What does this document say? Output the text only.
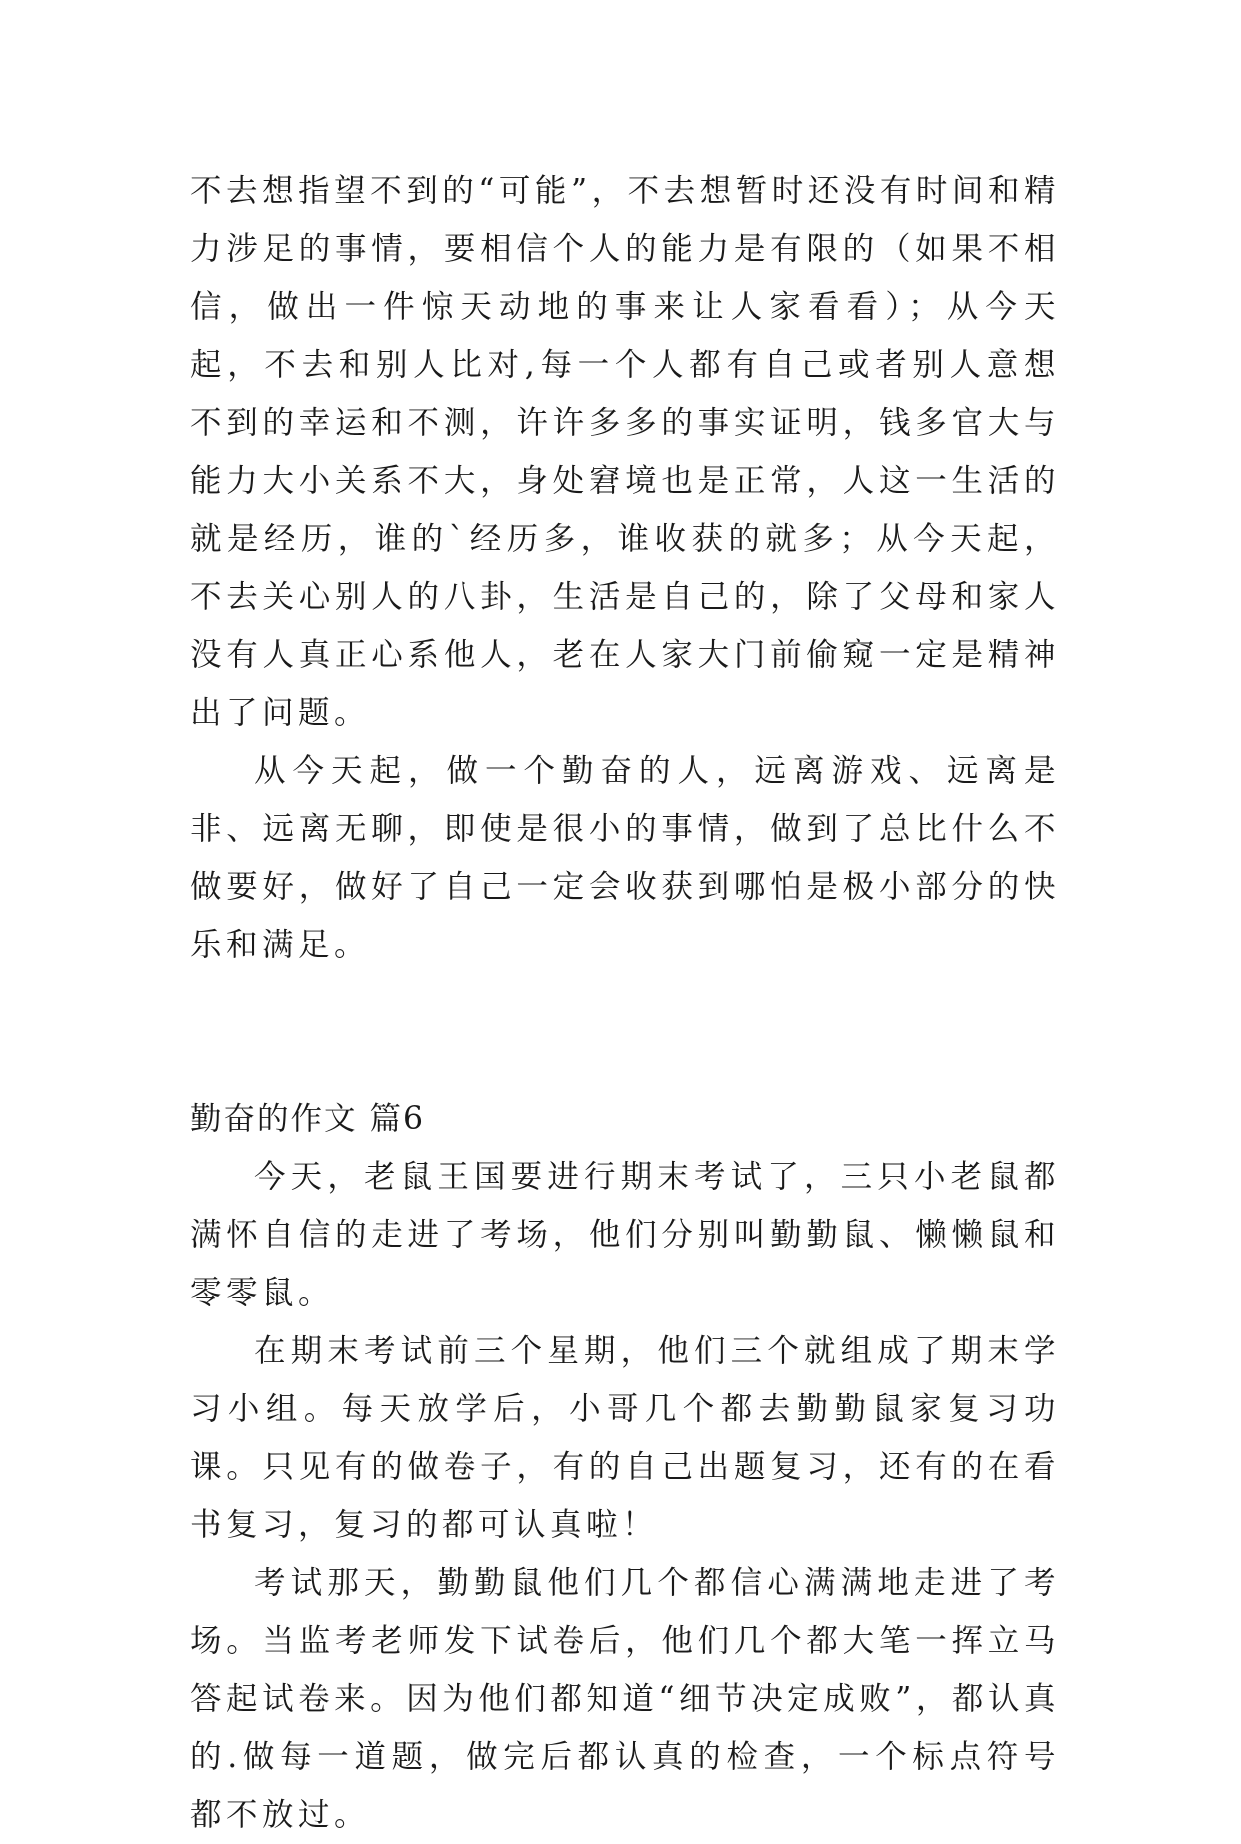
不去想指望不到的“可能”，不去想暂时还没有时间和精力涉足的事情，要相信个人的能力是有限的（如果不相信，做出一件惊天动地的事来让人家看看）；从今天起，不去和别人比对,每一个人都有自己或者别人意想不到的幸运和不测，许许多多的事实证明，钱多官大与能力大小关系不大，身处窘境也是正常，人这一生活的就是经历，谁的`经历多，谁收获的就多；从今天起，不去关心别人的八卦，生活是自己的，除了父母和家人没有人真正心系他人，老在人家大门前偷窥一定是精神出了问题。

从今天起，做一个勤奋的人，远离游戏、远离是非、远离无聊，即使是很小的事情，做到了总比什么不做要好，做好了自己一定会收获到哪怕是极小部分的快乐和满足。

勤奋的作文 篇6

今天，老鼠王国要进行期末考试了，三只小老鼠都满怀自信的走进了考场，他们分别叫勤勤鼠、懒懒鼠和零零鼠。

在期末考试前三个星期，他们三个就组成了期末学习小组。每天放学后，小哥几个都去勤勤鼠家复习功课。只见有的做卷子，有的自己出题复习，还有的在看书复习，复习的都可认真啦！

考试那天，勤勤鼠他们几个都信心满满地走进了考场。当监考老师发下试卷后，他们几个都大笔一挥立马答起试卷来。因为他们都知道“细节决定成败”，都认真的.做每一道题，做完后都认真的检查，一个标点符号都不放过。
